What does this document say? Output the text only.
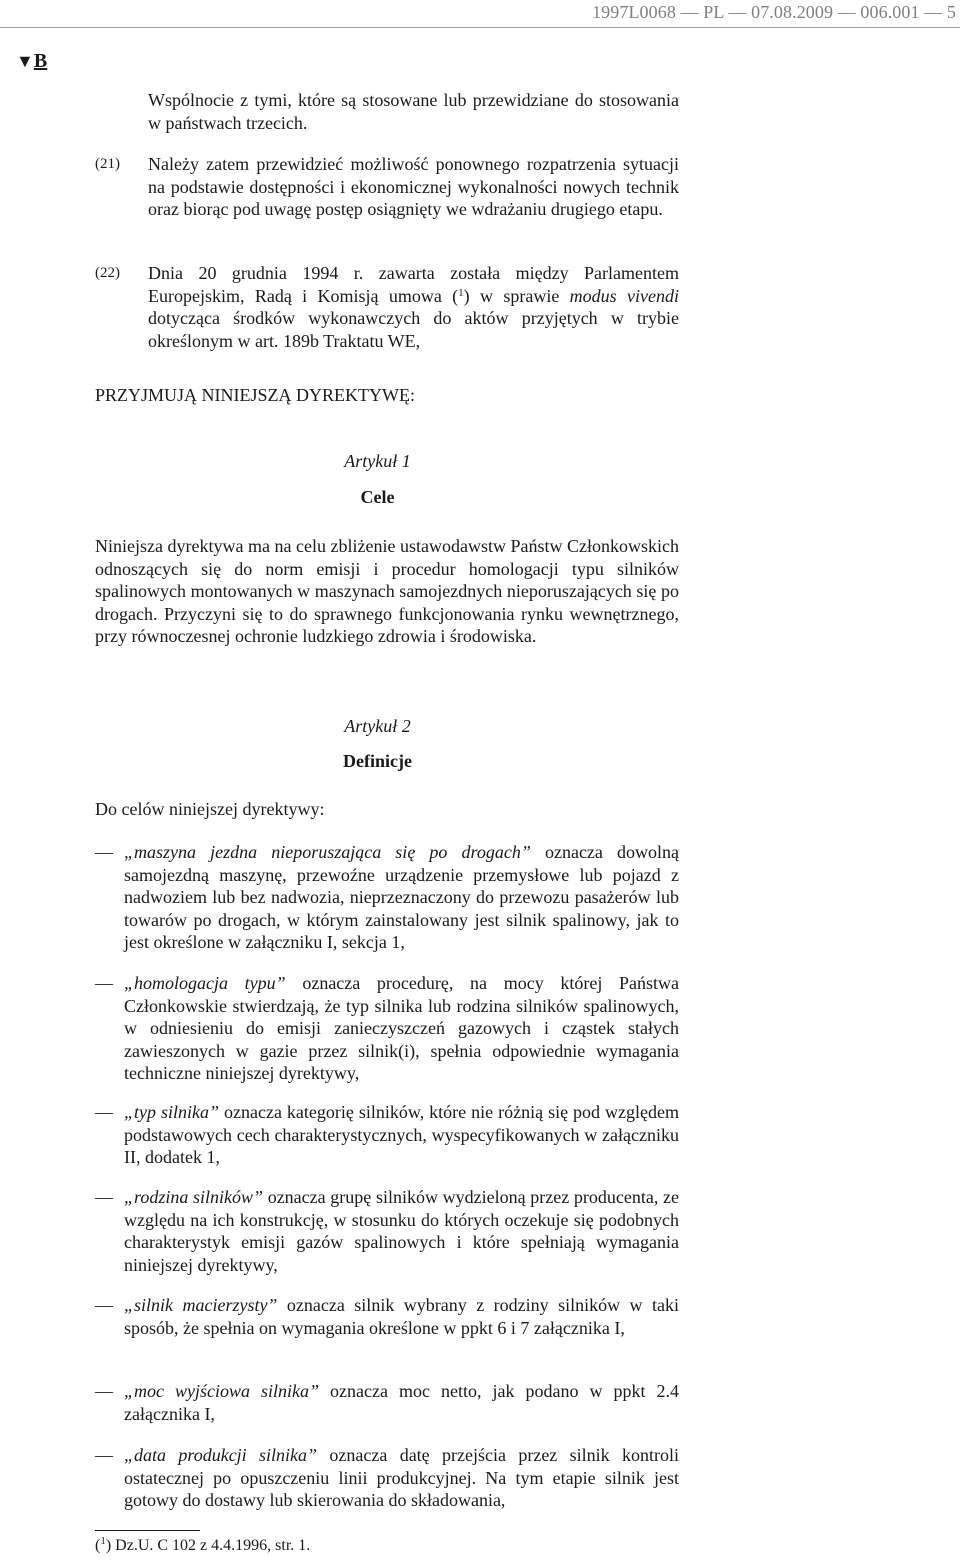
1997L0068 — PL — 07.08.2009 — 006.001 — 5
▼B
Wspólnocie z tymi, które są stosowane lub przewidziane do stosowania w państwach trzecich.
(21) Należy zatem przewidzieć możliwość ponownego rozpatrzenia sytuacji na podstawie dostępności i ekonomicznej wykonalności nowych technik oraz biorąc pod uwagę postęp osiągnięty we wdrażaniu drugiego etapu.
(22) Dnia 20 grudnia 1994 r. zawarta została między Parlamentem Europejskim, Radą i Komisją umowa ($^1$) w sprawie modus vivendi dotycząca środków wykonawczych do aktów przyjętych w trybie określonym w art. 189b Traktatu WE,
PRZYJMUJĄ NINIEJSZĄ DYREKTYWĘ:
Artykuł 1
Cele
Niniejsza dyrektywa ma na celu zbliżenie ustawodawstw Państw Członkowskich odnoszących się do norm emisji i procedur homologacji typu silników spalinowych montowanych w maszynach samojezdnych nieporuszających się po drogach. Przyczyni się to do sprawnego funkcjonowania rynku wewnętrznego, przy równoczesnej ochronie ludzkiego zdrowia i środowiska.
Artykuł 2
Definicje
Do celów niniejszej dyrektywy:
— „maszyna jezdna nieporuszająca się po drogach” oznacza dowolną samojezdną maszynę, przewoźne urządzenie przemysłowe lub pojazd z nadwoziem lub bez nadwozia, nieprzeznaczony do przewozu pasażerów lub towarów po drogach, w którym zainstalowany jest silnik spalinowy, jak to jest określone w załączniku I, sekcja 1,
— „homologacja typu” oznacza procedurę, na mocy której Państwa Członkowskie stwierdzają, że typ silnika lub rodzina silników spalinowych, w odniesieniu do emisji zanieczyszczeń gazowych i cząstek stałych zawieszonych w gazie przez silnik(i), spełnia odpowiednie wymagania techniczne niniejszej dyrektywy,
— „typ silnika” oznacza kategorię silników, które nie różnią się pod względem podstawowych cech charakterystycznych, wyspecyfikowanych w załączniku II, dodatek 1,
— „rodzina silników” oznacza grupę silników wydzieloną przez producenta, ze względu na ich konstrukcję, w stosunku do których oczekuje się podobnych charakterystyk emisji gazów spalinowych i które spełniają wymagania niniejszej dyrektywy,
— „silnik macierzysty” oznacza silnik wybrany z rodziny silników w taki sposób, że spełnia on wymagania określone w ppkt 6 i 7 załącznika I,
— „moc wyjściowa silnika” oznacza moc netto, jak podano w ppkt 2.4 załącznika I,
— „data produkcji silnika” oznacza datę przejścia przez silnik kontroli ostatecznej po opuszczeniu linii produkcyjnej. Na tym etapie silnik jest gotowy do dostawy lub skierowania do składowania,
($^1$) Dz.U. C 102 z 4.4.1996, str. 1.
